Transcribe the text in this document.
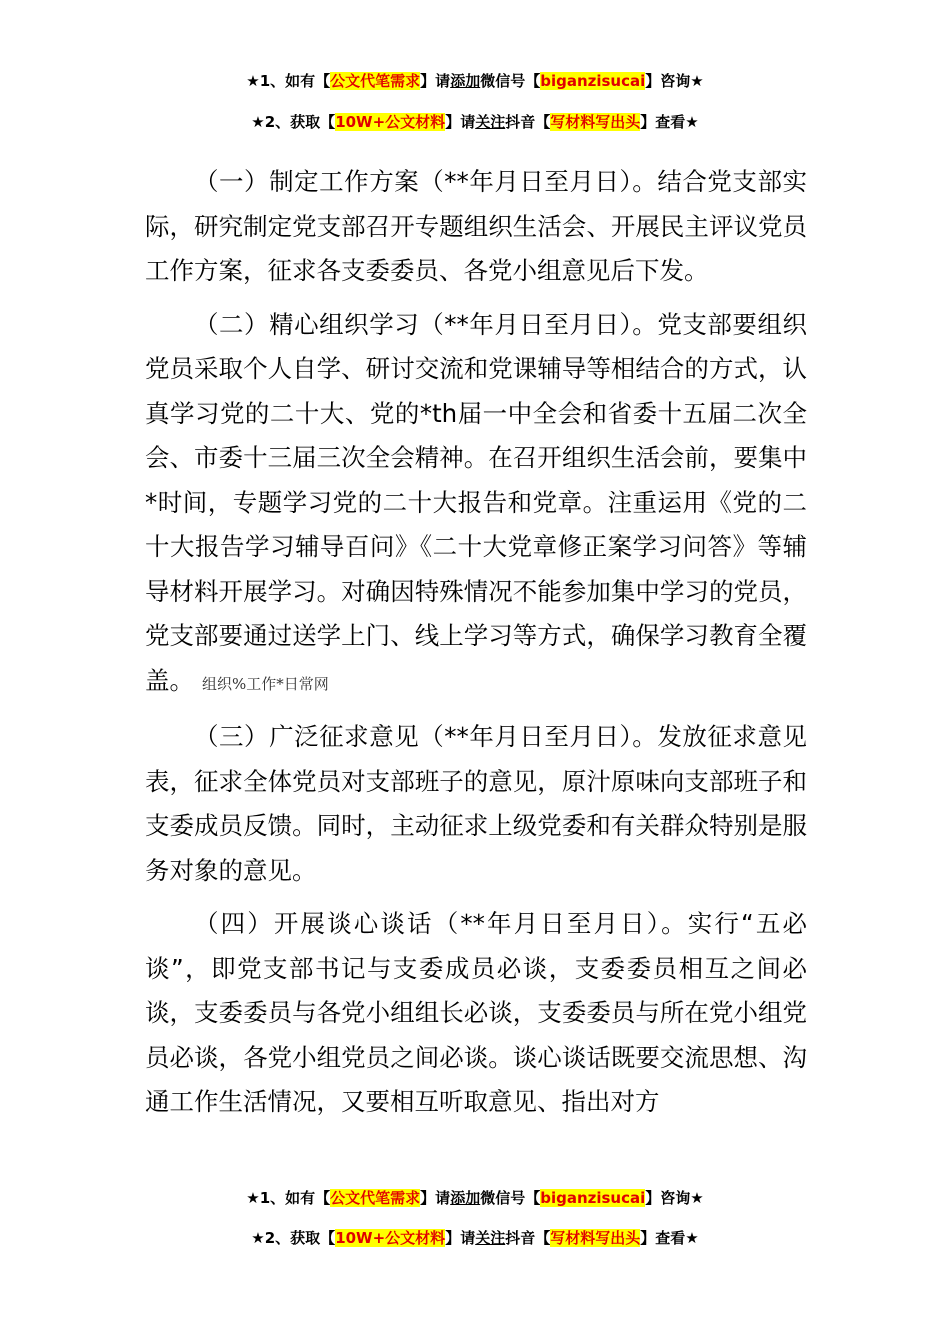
★1、如有【公文代笔需求】请添加微信号【biganzisucai】咨询★
★2、获取【10W+公文材料】请关注抖音【写材料写出头】查看★

（一）制定工作方案（**年月日至月日）。结合党支部实际，研究制定党支部召开专题组织生活会、开展民主评议党员工作方案，征求各支委委员、各党小组意见后下发。

（二）精心组织学习（**年月日至月日）。党支部要组织党员采取个人自学、研讨交流和党课辅导等相结合的方式，认真学习党的二十大、党的*th届一中全会和省委十五届二次全会、市委十三届三次全会精神。在召开组织生活会前，要集中*时间，专题学习党的二十大报告和党章。注重运用《党的二十大报告学习辅导百问》《二十大党章修正案学习问答》等辅导材料开展学习。对确因特殊情况不能参加集中学习的党员，党支部要通过送学上门、线上学习等方式，确保学习教育全覆盖。 组织%工作*日常网

（三）广泛征求意见（**年月日至月日）。发放征求意见表，征求全体党员对支部班子的意见，原汁原味向支部班子和支委成员反馈。同时，主动征求上级党委和有关群众特别是服务对象的意见。

（四）开展谈心谈话（**年月日至月日）。实行“五必谈”，即党支部书记与支委成员必谈，支委委员相互之间必谈，支委委员与各党小组组长必谈，支委委员与所在党小组党员必谈，各党小组党员之间必谈。谈心谈话既要交流思想、沟通工作生活情况，又要相互听取意见、指出对方

★1、如有【公文代笔需求】请添加微信号【biganzisucai】咨询★
★2、获取【10W+公文材料】请关注抖音【写材料写出头】查看★
